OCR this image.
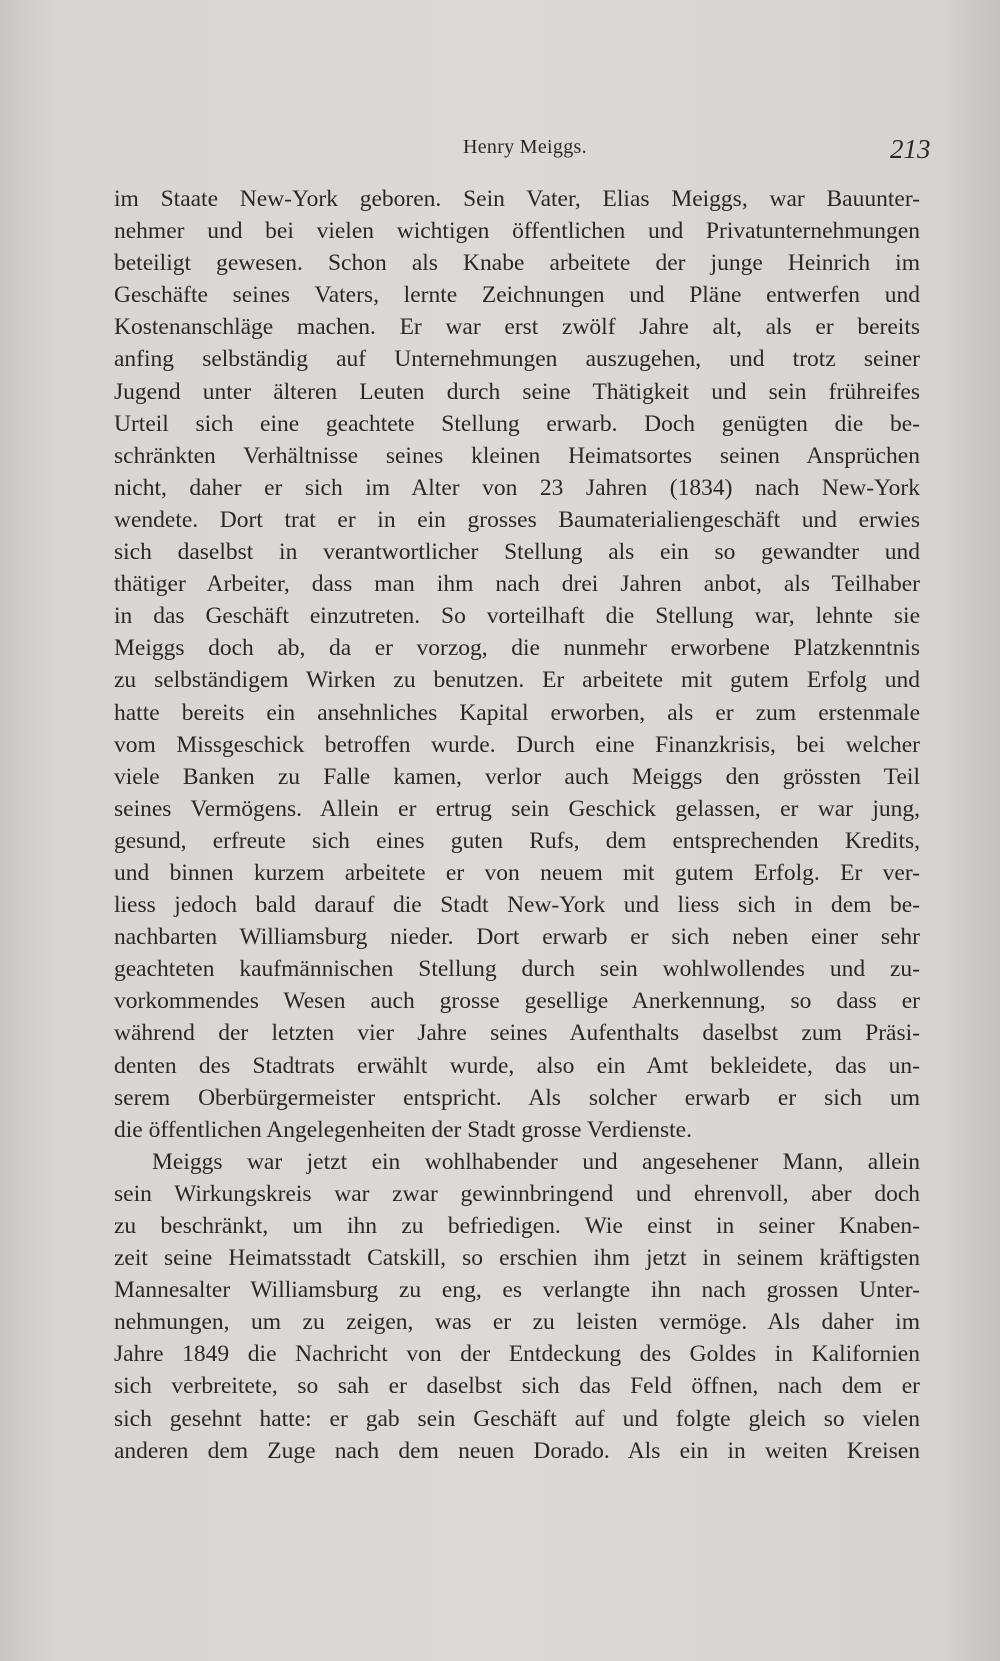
Henry Meiggs.	213
im Staate New-York geboren. Sein Vater, Elias Meiggs, war Bauunter-
nehmer und bei vielen wichtigen öffentlichen und Privatunternehmungen
beteiligt gewesen. Schon als Knabe arbeitete der junge Heinrich im
Geschäfte seines Vaters, lernte Zeichnungen und Pläne entwerfen und
Kostenanschläge machen. Er war erst zwölf Jahre alt, als er bereits
anfing selbständig auf Unternehmungen auszugehen, und trotz seiner
Jugend unter älteren Leuten durch seine Thätigkeit und sein frühreifes
Urteil sich eine geachtete Stellung erwarb. Doch genügten die be-
schränkten Verhältnisse seines kleinen Heimatsortes seinen Ansprüchen
nicht, daher er sich im Alter von 23 Jahren (1834) nach New-York
wendete. Dort trat er in ein grosses Baumaterialiengeschäft und erwies
sich daselbst in verantwortlicher Stellung als ein so gewandter und
thätiger Arbeiter, dass man ihm nach drei Jahren anbot, als Teilhaber
in das Geschäft einzutreten. So vorteilhaft die Stellung war, lehnte sie
Meiggs doch ab, da er vorzog, die nunmehr erworbene Platzkenntnis
zu selbständigem Wirken zu benutzen. Er arbeitete mit gutem Erfolg und
hatte bereits ein ansehnliches Kapital erworben, als er zum erstenmale
vom Missgeschick betroffen wurde. Durch eine Finanzkrisis, bei welcher
viele Banken zu Falle kamen, verlor auch Meiggs den grössten Teil
seines Vermögens. Allein er ertrug sein Geschick gelassen, er war jung,
gesund, erfreute sich eines guten Rufs, dem entsprechenden Kredits,
und binnen kurzem arbeitete er von neuem mit gutem Erfolg. Er ver-
liess jedoch bald darauf die Stadt New-York und liess sich in dem be-
nachbarten Williamsburg nieder. Dort erwarb er sich neben einer sehr
geachteten kaufmännischen Stellung durch sein wohlwollendes und zu-
vorkommendes Wesen auch grosse gesellige Anerkennung, so dass er
während der letzten vier Jahre seines Aufenthalts daselbst zum Präsi-
denten des Stadtrats erwählt wurde, also ein Amt bekleidete, das un-
serem Oberbürgermeister entspricht. Als solcher erwarb er sich um
die öffentlichen Angelegenheiten der Stadt grosse Verdienste.
Meiggs war jetzt ein wohlhabender und angesehener Mann, allein
sein Wirkungskreis war zwar gewinnbringend und ehrenvoll, aber doch
zu beschränkt, um ihn zu befriedigen. Wie einst in seiner Knaben-
zeit seine Heimatsstadt Catskill, so erschien ihm jetzt in seinem kräftigsten
Mannesalter Williamsburg zu eng, es verlangte ihn nach grossen Unter-
nehmungen, um zu zeigen, was er zu leisten vermöge. Als daher im
Jahre 1849 die Nachricht von der Entdeckung des Goldes in Kalifornien
sich verbreitete, so sah er daselbst sich das Feld öffnen, nach dem er
sich gesehnt hatte: er gab sein Geschäft auf und folgte gleich so vielen
anderen dem Zuge nach dem neuen Dorado. Als ein in weiten Kreisen
